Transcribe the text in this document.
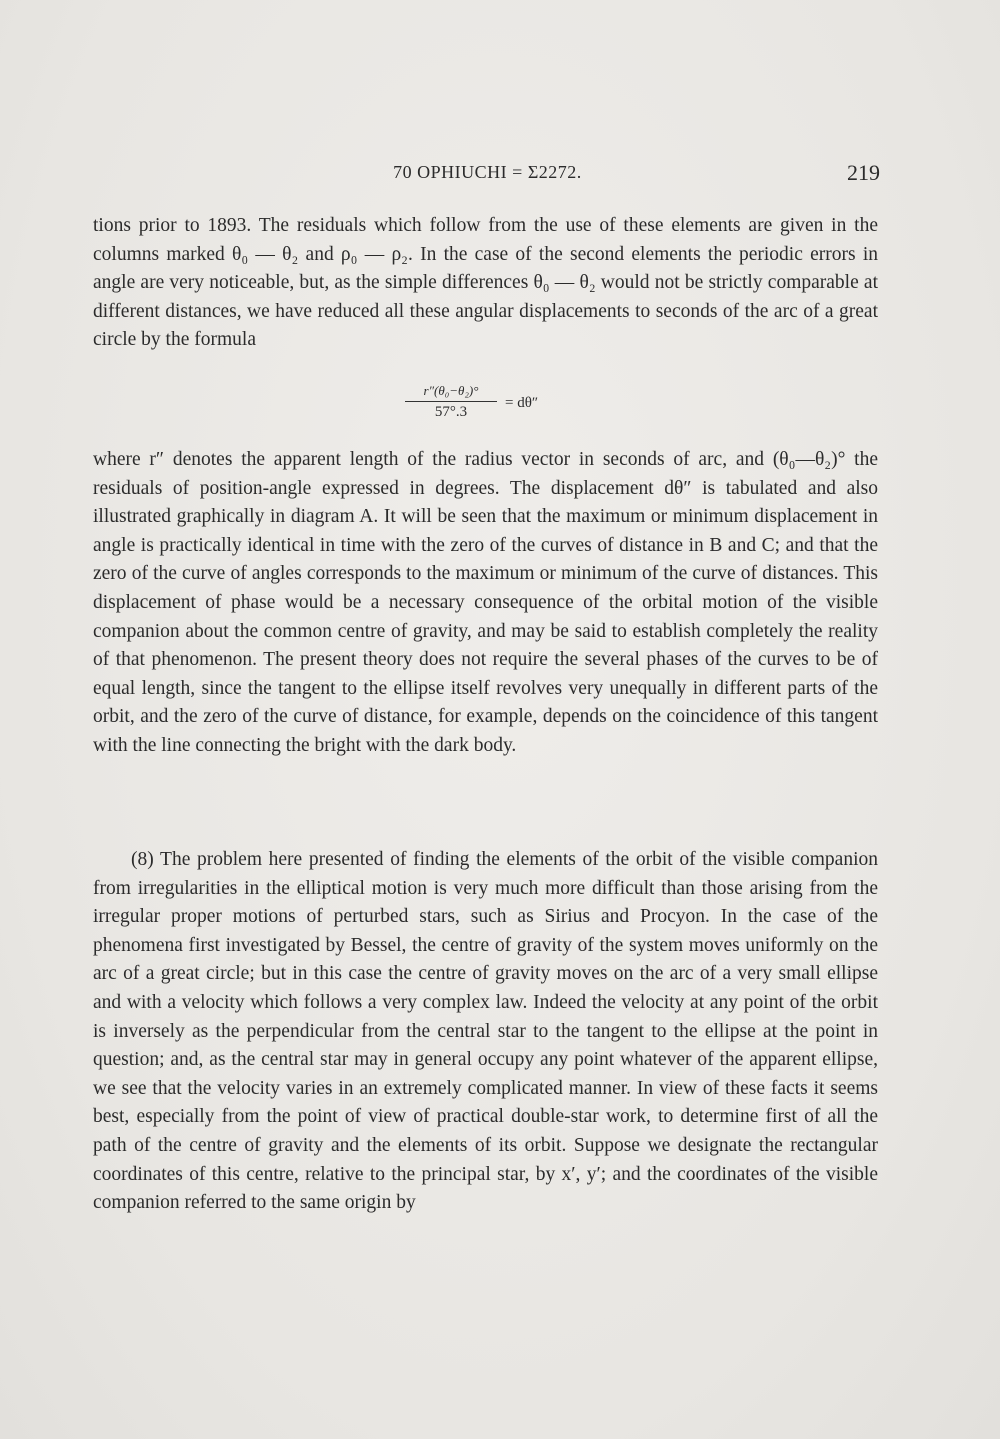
70 OPHIUCHI = Σ2272.	219

tions prior to 1893. The residuals which follow from the use of these elements are given in the columns marked θ₀ — θ₂ and ρ₀ — ρ₂. In the case of the second elements the periodic errors in angle are very noticeable, but, as the simple differences θ₀ — θ₂ would not be strictly comparable at different distances, we have reduced all these angular displacements to seconds of the arc of a great circle by the formula

r″(θ₀−θ₂)°
57°.3
= dθ″

where r″ denotes the apparent length of the radius vector in seconds of arc, and (θ₀—θ₂)° the residuals of position-angle expressed in degrees. The displacement dθ″ is tabulated and also illustrated graphically in diagram A. It will be seen that the maximum or minimum displacement in angle is practically identical in time with the zero of the curves of distance in B and C; and that the zero of the curve of angles corresponds to the maximum or minimum of the curve of distances. This displacement of phase would be a necessary consequence of the orbital motion of the visible companion about the common centre of gravity, and may be said to establish completely the reality of that phenomenon. The present theory does not require the several phases of the curves to be of equal length, since the tangent to the ellipse itself revolves very unequally in different parts of the orbit, and the zero of the curve of distance, for example, depends on the coincidence of this tangent with the line connecting the bright with the dark body.

(8) The problem here presented of finding the elements of the orbit of the visible companion from irregularities in the elliptical motion is very much more difficult than those arising from the irregular proper motions of perturbed stars, such as Sirius and Procyon. In the case of the phenomena first investigated by Bessel, the centre of gravity of the system moves uniformly on the arc of a great circle; but in this case the centre of gravity moves on the arc of a very small ellipse and with a velocity which follows a very complex law. Indeed the velocity at any point of the orbit is inversely as the perpendicular from the central star to the tangent to the ellipse at the point in question; and, as the central star may in general occupy any point whatever of the apparent ellipse, we see that the velocity varies in an extremely complicated manner. In view of these facts it seems best, especially from the point of view of practical double-star work, to determine first of all the path of the centre of gravity and the elements of its orbit. Suppose we designate the rectangular coordinates of this centre, relative to the principal star, by x′, y′; and the coordinates of the visible companion referred to the same origin by
